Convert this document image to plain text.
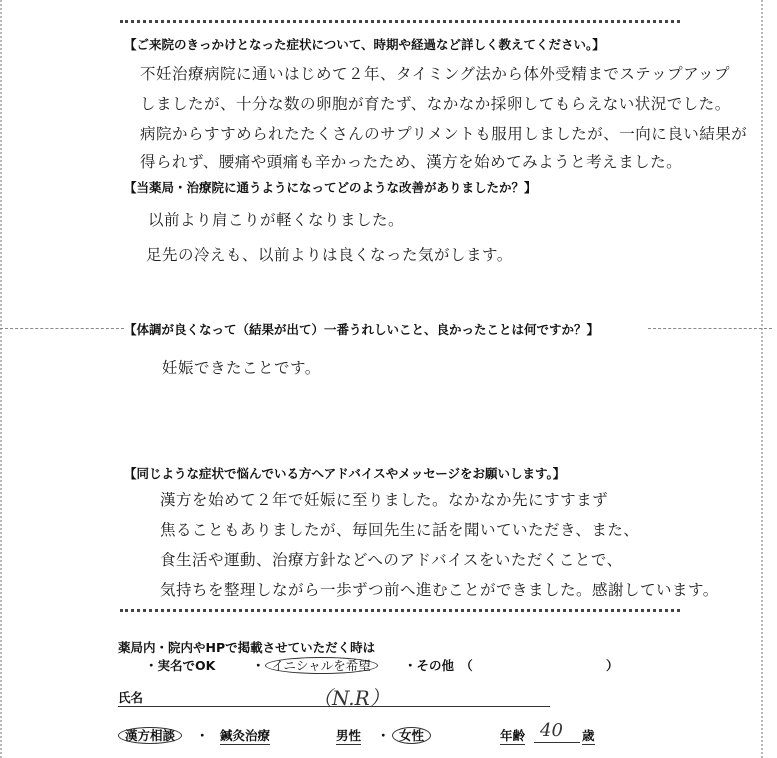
【ご来院のきっかけとなった症状について、時期や経過など詳しく教えてください。】
不妊治療病院に通いはじめて２年、タイミング法から体外受精までステップアップ
しましたが、十分な数の卵胞が育たず、なかなか採卵してもらえない状況でした。
病院からすすめられたたくさんのサプリメントも服用しましたが、一向に良い結果が
得られず、腰痛や頭痛も辛かったため、漢方を始めてみようと考えました。
【当薬局・治療院に通うようになってどのような改善がありましたか？】
以前より肩こりが軽くなりました。
足先の冷えも、以前よりは良くなった気がします。
【体調が良くなって（結果が出て）一番うれしいこと、良かったことは何ですか？】
妊娠できたことです。
【同じような症状で悩んでいる方へアドバイスやメッセージをお願いします。】
漢方を始めて２年で妊娠に至りました。なかなか先にすすまず
焦ることもありましたが、毎回先生に話を聞いていただき、また、
食生活や運動、治療方針などへのアドバイスをいただくことで、
気持ちを整理しながら一歩ずつ前へ進むことができました。感謝しています。
薬局内・院内やHPで掲載させていただく時は
・実名でOK	・ イニシャルを希望	・その他　（	）
氏名	（N.R）
漢方相談	・ 鍼灸治療	男性 ・ 女性	年齢 40 歳
